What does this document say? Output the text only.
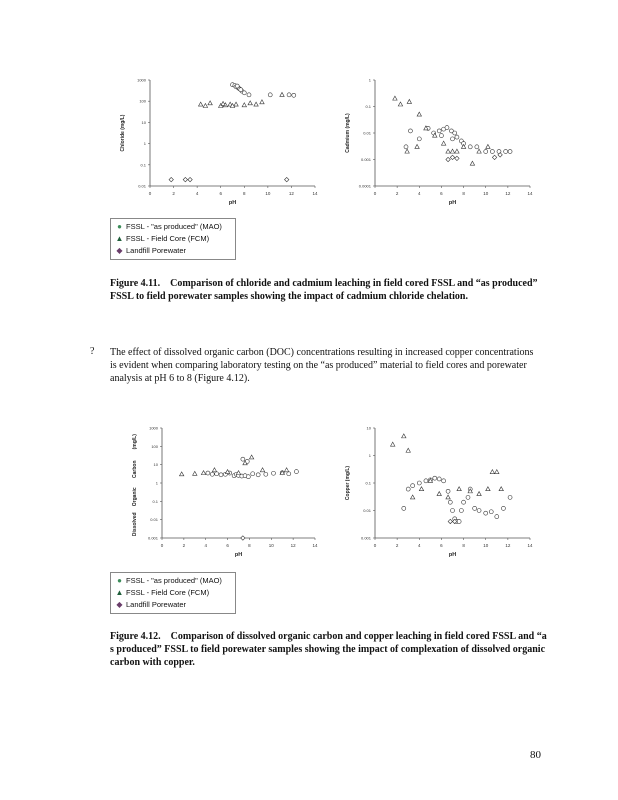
0	2	4	6	8	10	12	14
0.01
0.1
1
10
100
1000
pH
Chloride (mg/L)
0	2	4	6	8	10	12	14
0.0001
0.001
0.01
0.1
1
pH
Cadmium (mg/L)
● FSSL - "as produced" (MAO)
▲ FSSL - Field Core (FCM)
◆ Landfill Porewater
Figure 4.11. Comparison of chloride and cadmium leaching in field cored FSSL and “as produced” FSSL to field porewater samples showing the impact of cadmium chloride chelation.
? The effect of dissolved organic carbon (DOC) concentrations resulting in increased copper concentrations is evident when comparing laboratory testing on the “as produced” material to field cores and porewater analysis at pH 6 to 8 (Figure 4.12).
0	2	4	6	8	10	12	14
0.001
0.01
0.1
1
10
100
1000
pH
Dissolved
Organic
Carbon
(mg/L)
0	2	4	6	8	10	12	14
0.001
0.01
0.1
1
10
pH
Copper (mg/L)
● FSSL - "as produced" (MAO)
▲ FSSL - Field Core (FCM)
◆ Landfill Porewater
Figure 4.12. Comparison of dissolved organic carbon and copper leaching in field cored FSSL and “a s produced” FSSL to field porewater samples showing the impact of complexation of dissolved organic carbon with copper.
80
